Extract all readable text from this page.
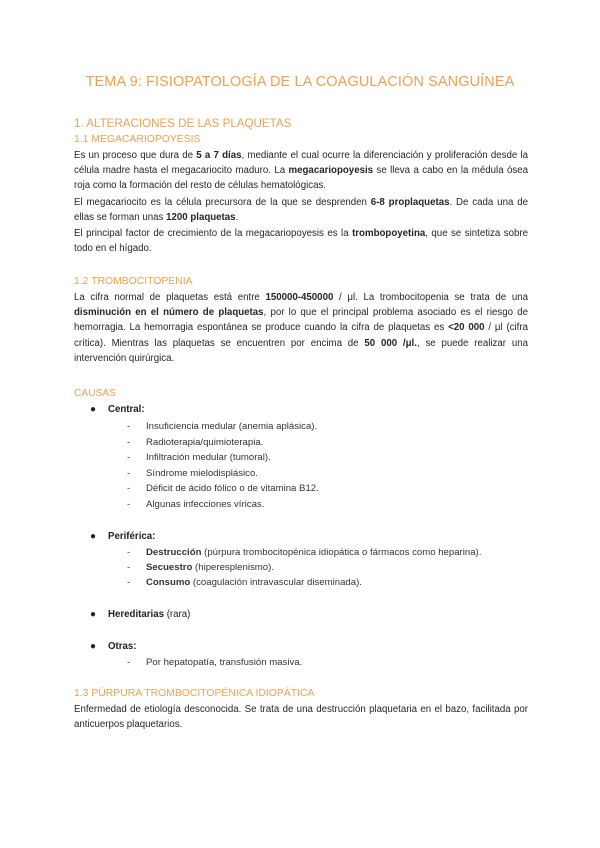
TEMA 9: FISIOPATOLOGÍA DE LA COAGULACIÓN SANGUÍNEA
1. ALTERACIONES DE LAS PLAQUETAS
1.1 MEGACARIOPOYESIS
Es un proceso que dura de 5 a 7 días, mediante el cual ocurre la diferenciación y proliferación desde la célula madre hasta el megacariocito maduro. La megacariopoyesis se lleva a cabo en la médula ósea roja como la formación del resto de células hematológicas.
El megacariocito es la célula precursora de la que se desprenden 6-8 proplaquetas. De cada una de ellas se forman unas 1200 plaquetas.
El principal factor de crecimiento de la megacariopoyesis es la trombopoyetina, que se sintetiza sobre todo en el hígado.
1.2 TROMBOCITOPENIA
La cifra normal de plaquetas está entre 150000-450000 / μl. La trombocitopenia se trata de una disminución en el número de plaquetas, por lo que el principal problema asociado es el riesgo de hemorragia. La hemorragia espontánea se produce cuando la cifra de plaquetas es <20 000 / μl (cifra crítica). Mientras las plaquetas se encuentren por encima de 50 000 /μl., se puede realizar una intervención quirúrgica.
CAUSAS
● Central:
- Insuficiencia medular (anemia aplásica).
- Radioterapia/quimioterapia.
- Infiltración medular (tumoral).
- Síndrome mielodisplásico.
- Déficit de ácido fólico o de vitamina B12.
- Algunas infecciones víricas.
● Periférica:
- Destrucción (púrpura trombocitopénica idiopática o fármacos como heparina).
- Secuestro (hiperesplenismo).
- Consumo (coagulación intravascular diseminada).
● Hereditarias (rara)
● Otras:
- Por hepatopatía, transfusión masiva.
1.3 PÚRPURA TROMBOCITOPÉNICA IDIOPÁTICA
Enfermedad de etiología desconocida. Se trata de una destrucción plaquetaria en el bazo, facilitada por anticuerpos plaquetarios.
